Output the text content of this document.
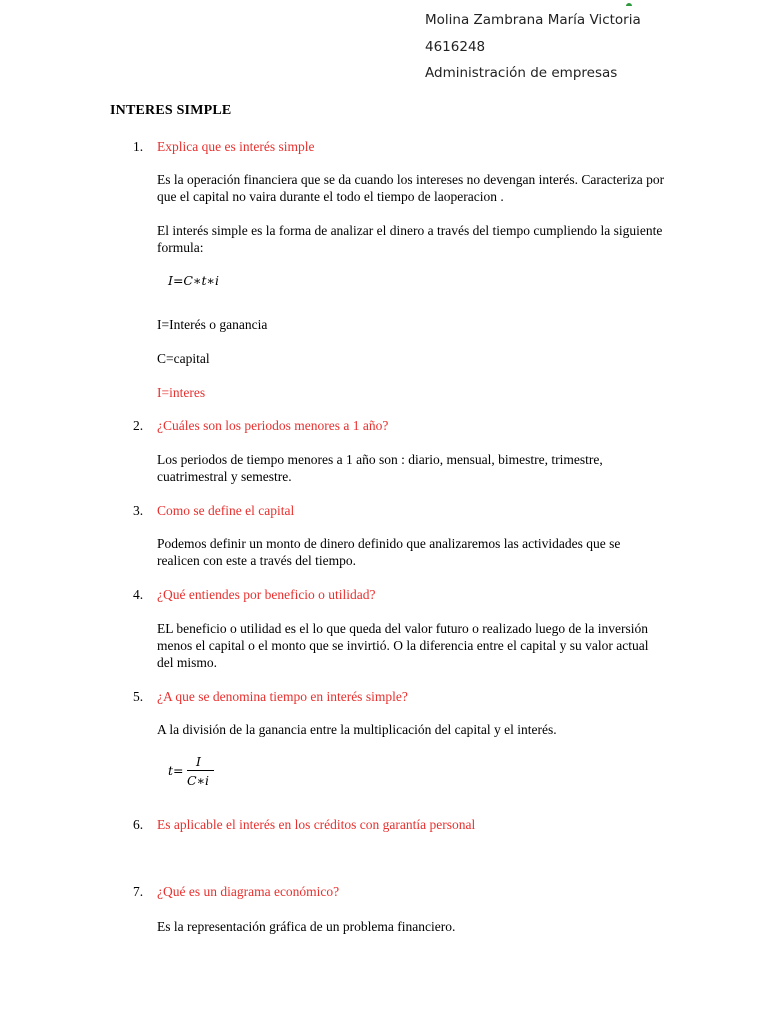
Molina Zambrana María Victoria
4616248
Administración de empresas
INTERES SIMPLE
1. Explica que es interés simple
Es la operación financiera que se da cuando los intereses no devengan interés. Caracteriza por que el capital no vaira durante el todo el tiempo de laoperacion .
El interés simple es la forma de analizar el dinero a través del tiempo cumpliendo la siguiente formula:
I=C∗t∗i
I=Interés o ganancia
C=capital
I=interes
2. ¿Cuáles son los periodos menores a 1 año?
Los periodos de tiempo menores a 1 año son : diario, mensual, bimestre, trimestre, cuatrimestral y semestre.
3. Como se define el capital
Podemos definir un monto de dinero definido que analizaremos las actividades que se realicen con este a través del tiempo.
4. ¿Qué entiendes por beneficio o utilidad?
EL beneficio o utilidad es el lo que queda del valor futuro o realizado luego de la inversión menos el capital o el monto que se invirtió. O la diferencia entre el capital y su valor actual del mismo.
5. ¿A que se denomina tiempo en interés simple?
A la división de la ganancia entre la multiplicación del capital y el interés.
t=
I
C∗i
6. Es aplicable el interés en los créditos con garantía personal
7. ¿Qué es un diagrama económico?
Es la representación gráfica de un problema financiero.
